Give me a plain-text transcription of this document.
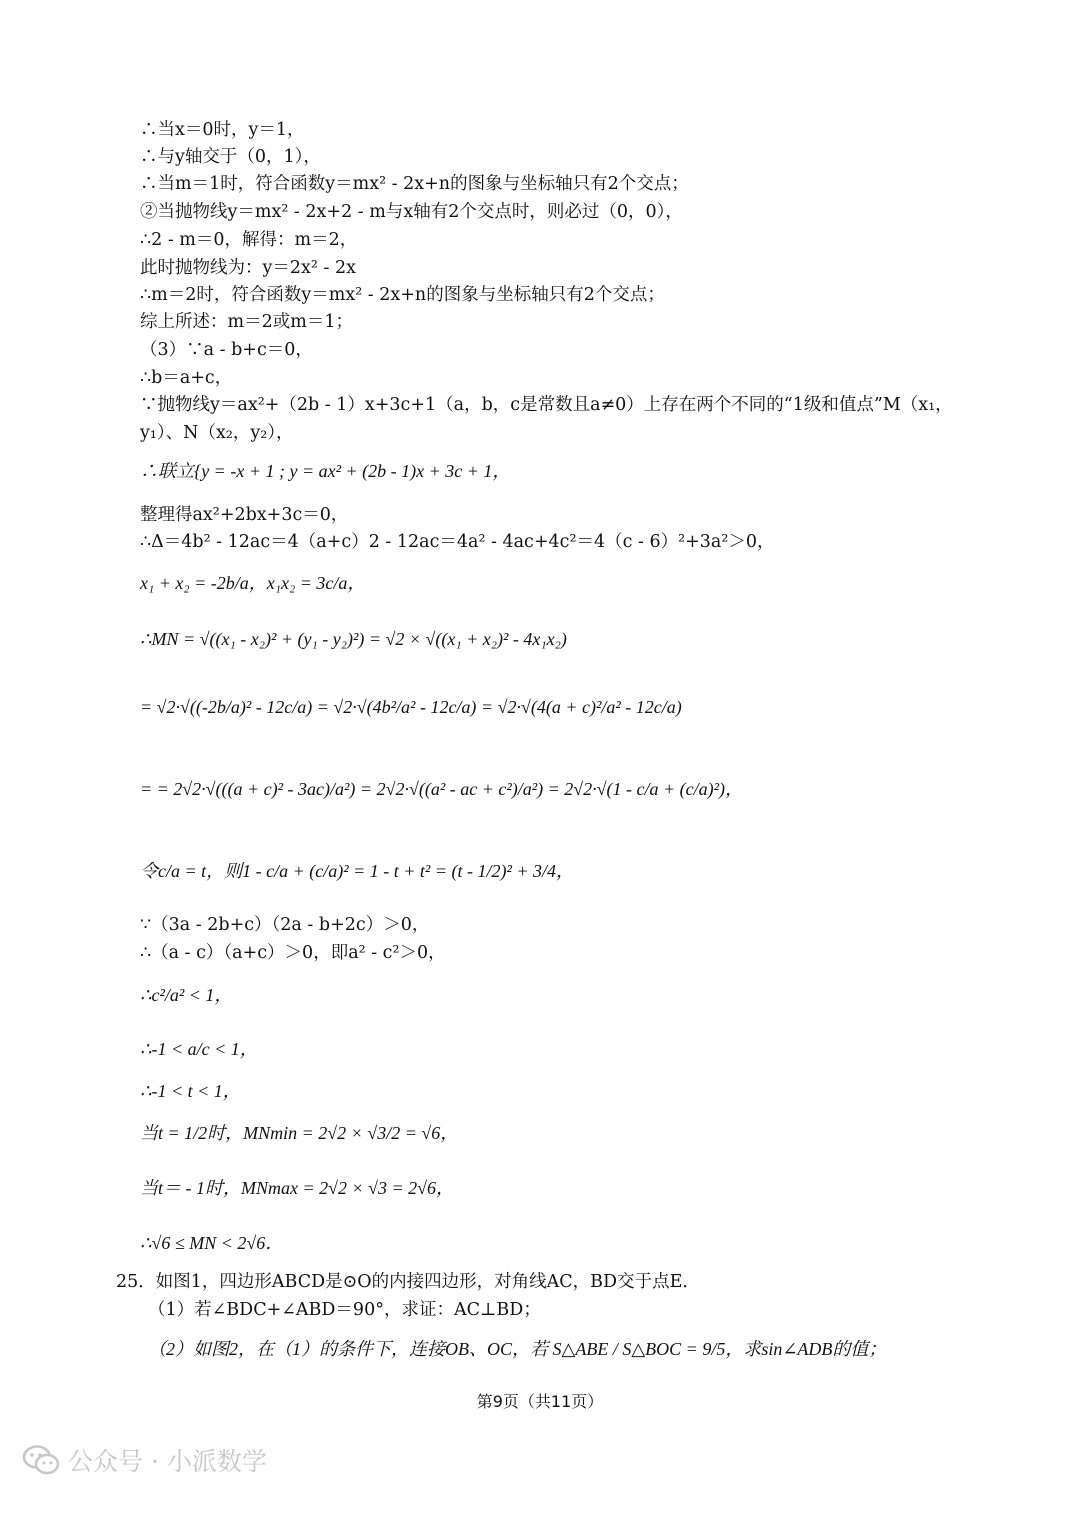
∴当x＝0时，y＝1，
∴与y轴交于（0，1），
∴当m＝1时，符合函数y＝mx² - 2x+n的图象与坐标轴只有2个交点；
②当抛物线y＝mx² - 2x+2 - m与x轴有2个交点时，则必过（0，0），
∴2 - m＝0，解得：m＝2，
此时抛物线为：y＝2x² - 2x
∴m＝2时，符合函数y＝mx² - 2x+n的图象与坐标轴只有2个交点；
综上所述：m＝2或m＝1；
（3）∵a - b+c＝0，
∴b＝a+c，
∵抛物线y＝ax²+（2b - 1）x+3c+1（a，b，c是常数且a≠0）上存在两个不同的“1级和值点”M（x₁，
y₁）、N（x₂，y₂），
∴联立{y = -x + 1 ; y = ax² + (2b - 1)x + 3c + 1，
整理得ax²+2bx+3c＝0，
∴Δ＝4b² - 12ac＝4（a+c）2 - 12ac＝4a² - 4ac+4c²＝4（c - 6）²+3a²＞0，
x₁ + x₂ = -2b/a，x₁x₂ = 3c/a，
∴MN = √((x₁ - x₂)² + (y₁ - y₂)²) = √2 × √((x₁ + x₂)² - 4x₁x₂)
= √2·√((-2b/a)² - 12c/a) = √2·√(4b²/a² - 12c/a) = √2·√(4(a + c)²/a² - 12c/a)
= = 2√2·√(((a + c)² - 3ac)/a²) = 2√2·√((a² - ac + c²)/a²) = 2√2·√(1 - c/a + (c/a)²)，
令c/a = t，则1 - c/a + (c/a)² = 1 - t + t² = (t - 1/2)² + 3/4，
∵（3a - 2b+c）（2a - b+2c）＞0，
∴（a - c）（a+c）＞0，即a² - c²＞0，
∴c²/a² < 1，
∴-1 < a/c < 1，
∴-1 < t < 1，
当t = 1/2时，MNmin = 2√2 × √3/2 = √6，
当t＝ - 1时，MNmax = 2√2 × √3 = 2√6，
∴√6 ≤ MN < 2√6．
25．如图1，四边形ABCD是⊙O的内接四边形，对角线AC，BD交于点E．
（1）若∠BDC+∠ABD＝90°，求证：AC⊥BD；
（2）如图2，在（1）的条件下，连接OB、OC，若 S△ABE / S△BOC = 9/5，求sin∠ADB的值；
第9页（共11页）
公众号 · 小派数学
